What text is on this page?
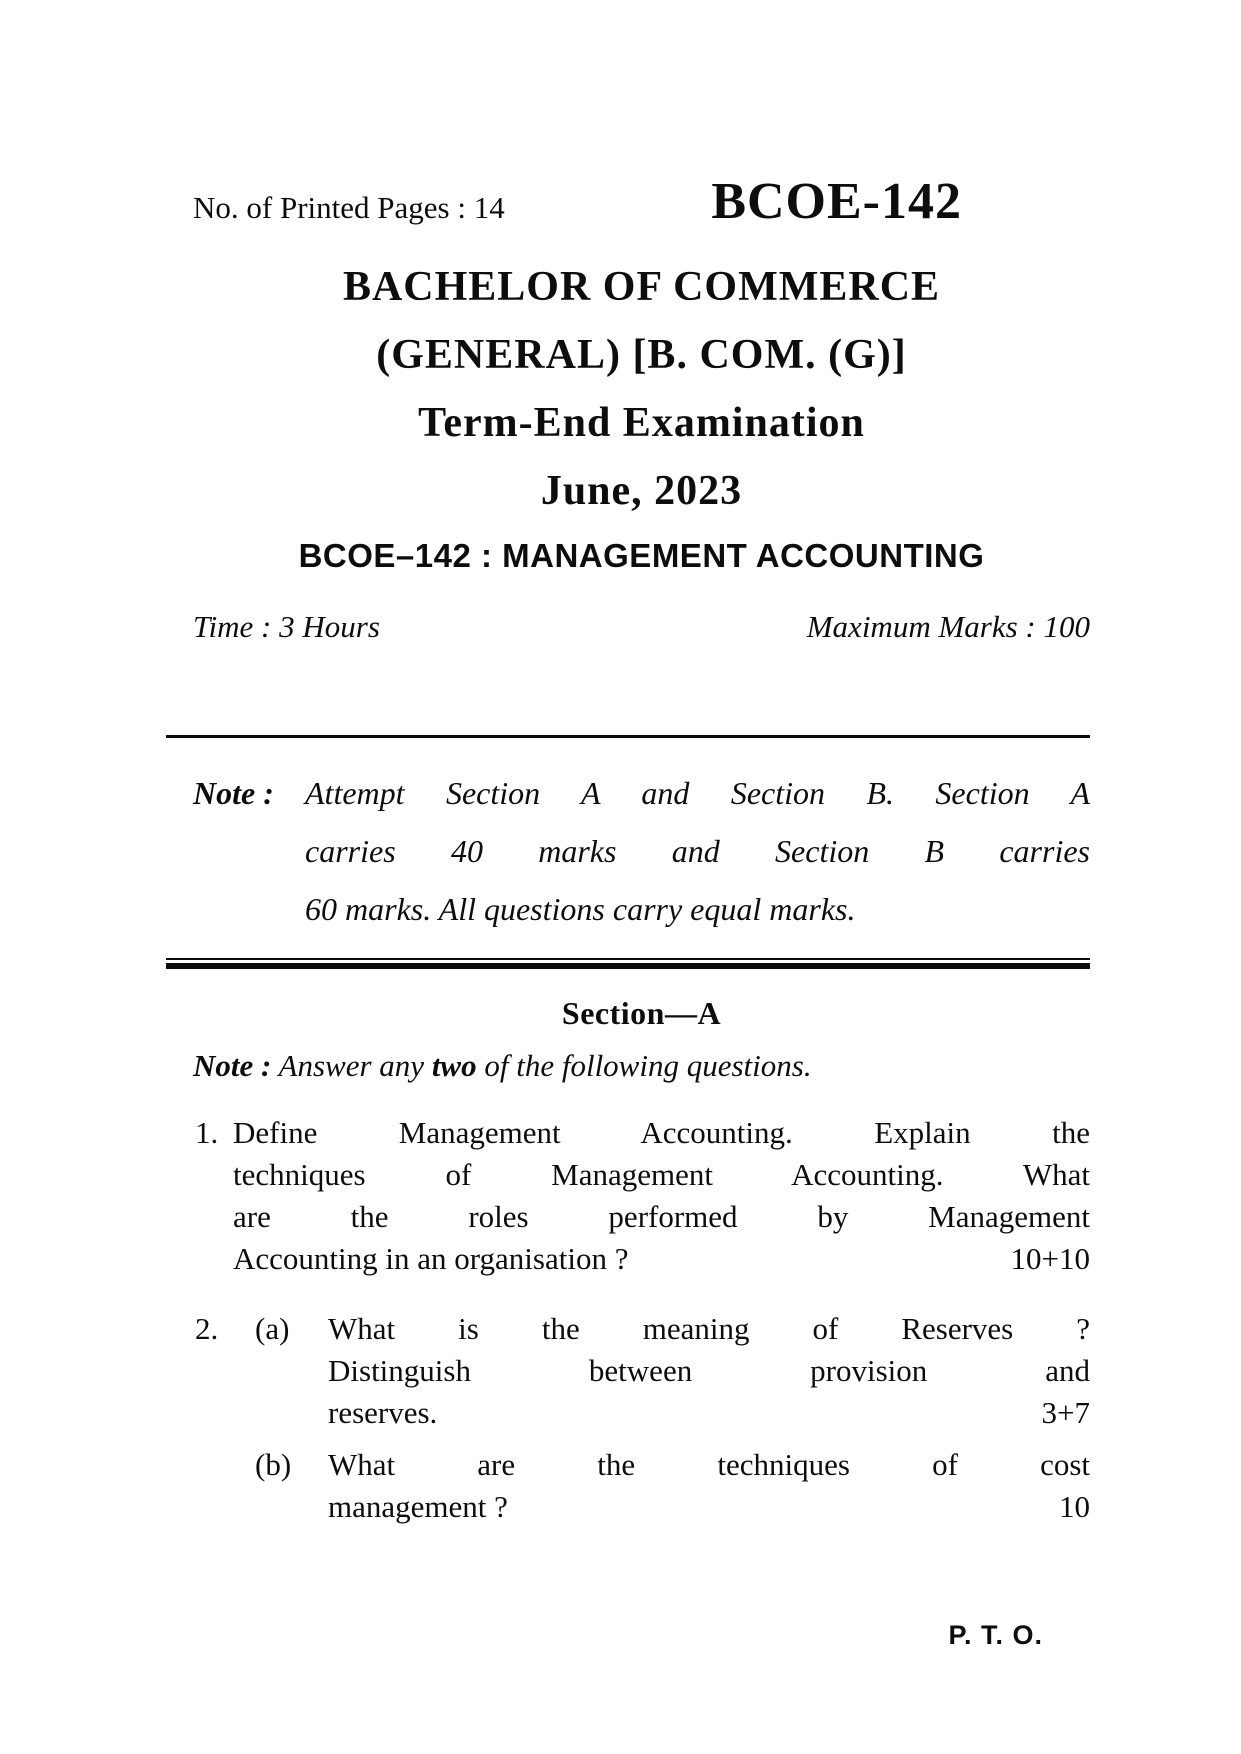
No. of Printed Pages : 14	BCOE-142
BACHELOR OF COMMERCE
(GENERAL) [B. COM. (G)]
Term-End Examination
June, 2023
BCOE–142 : MANAGEMENT ACCOUNTING
Time : 3 Hours	Maximum Marks : 100
Note : Attempt Section A and Section B. Section A
carries 40 marks and Section B carries
60 marks. All questions carry equal marks.
Section—A
Note : Answer any two of the following questions.
1. Define Management Accounting. Explain the
techniques of Management Accounting. What
are the roles performed by Management
Accounting in an organisation ?	10+10
2. (a) What is the meaning of Reserves ?
Distinguish between provision and
reserves.	3+7
(b) What are the techniques of cost
management ?	10
P. T. O.
